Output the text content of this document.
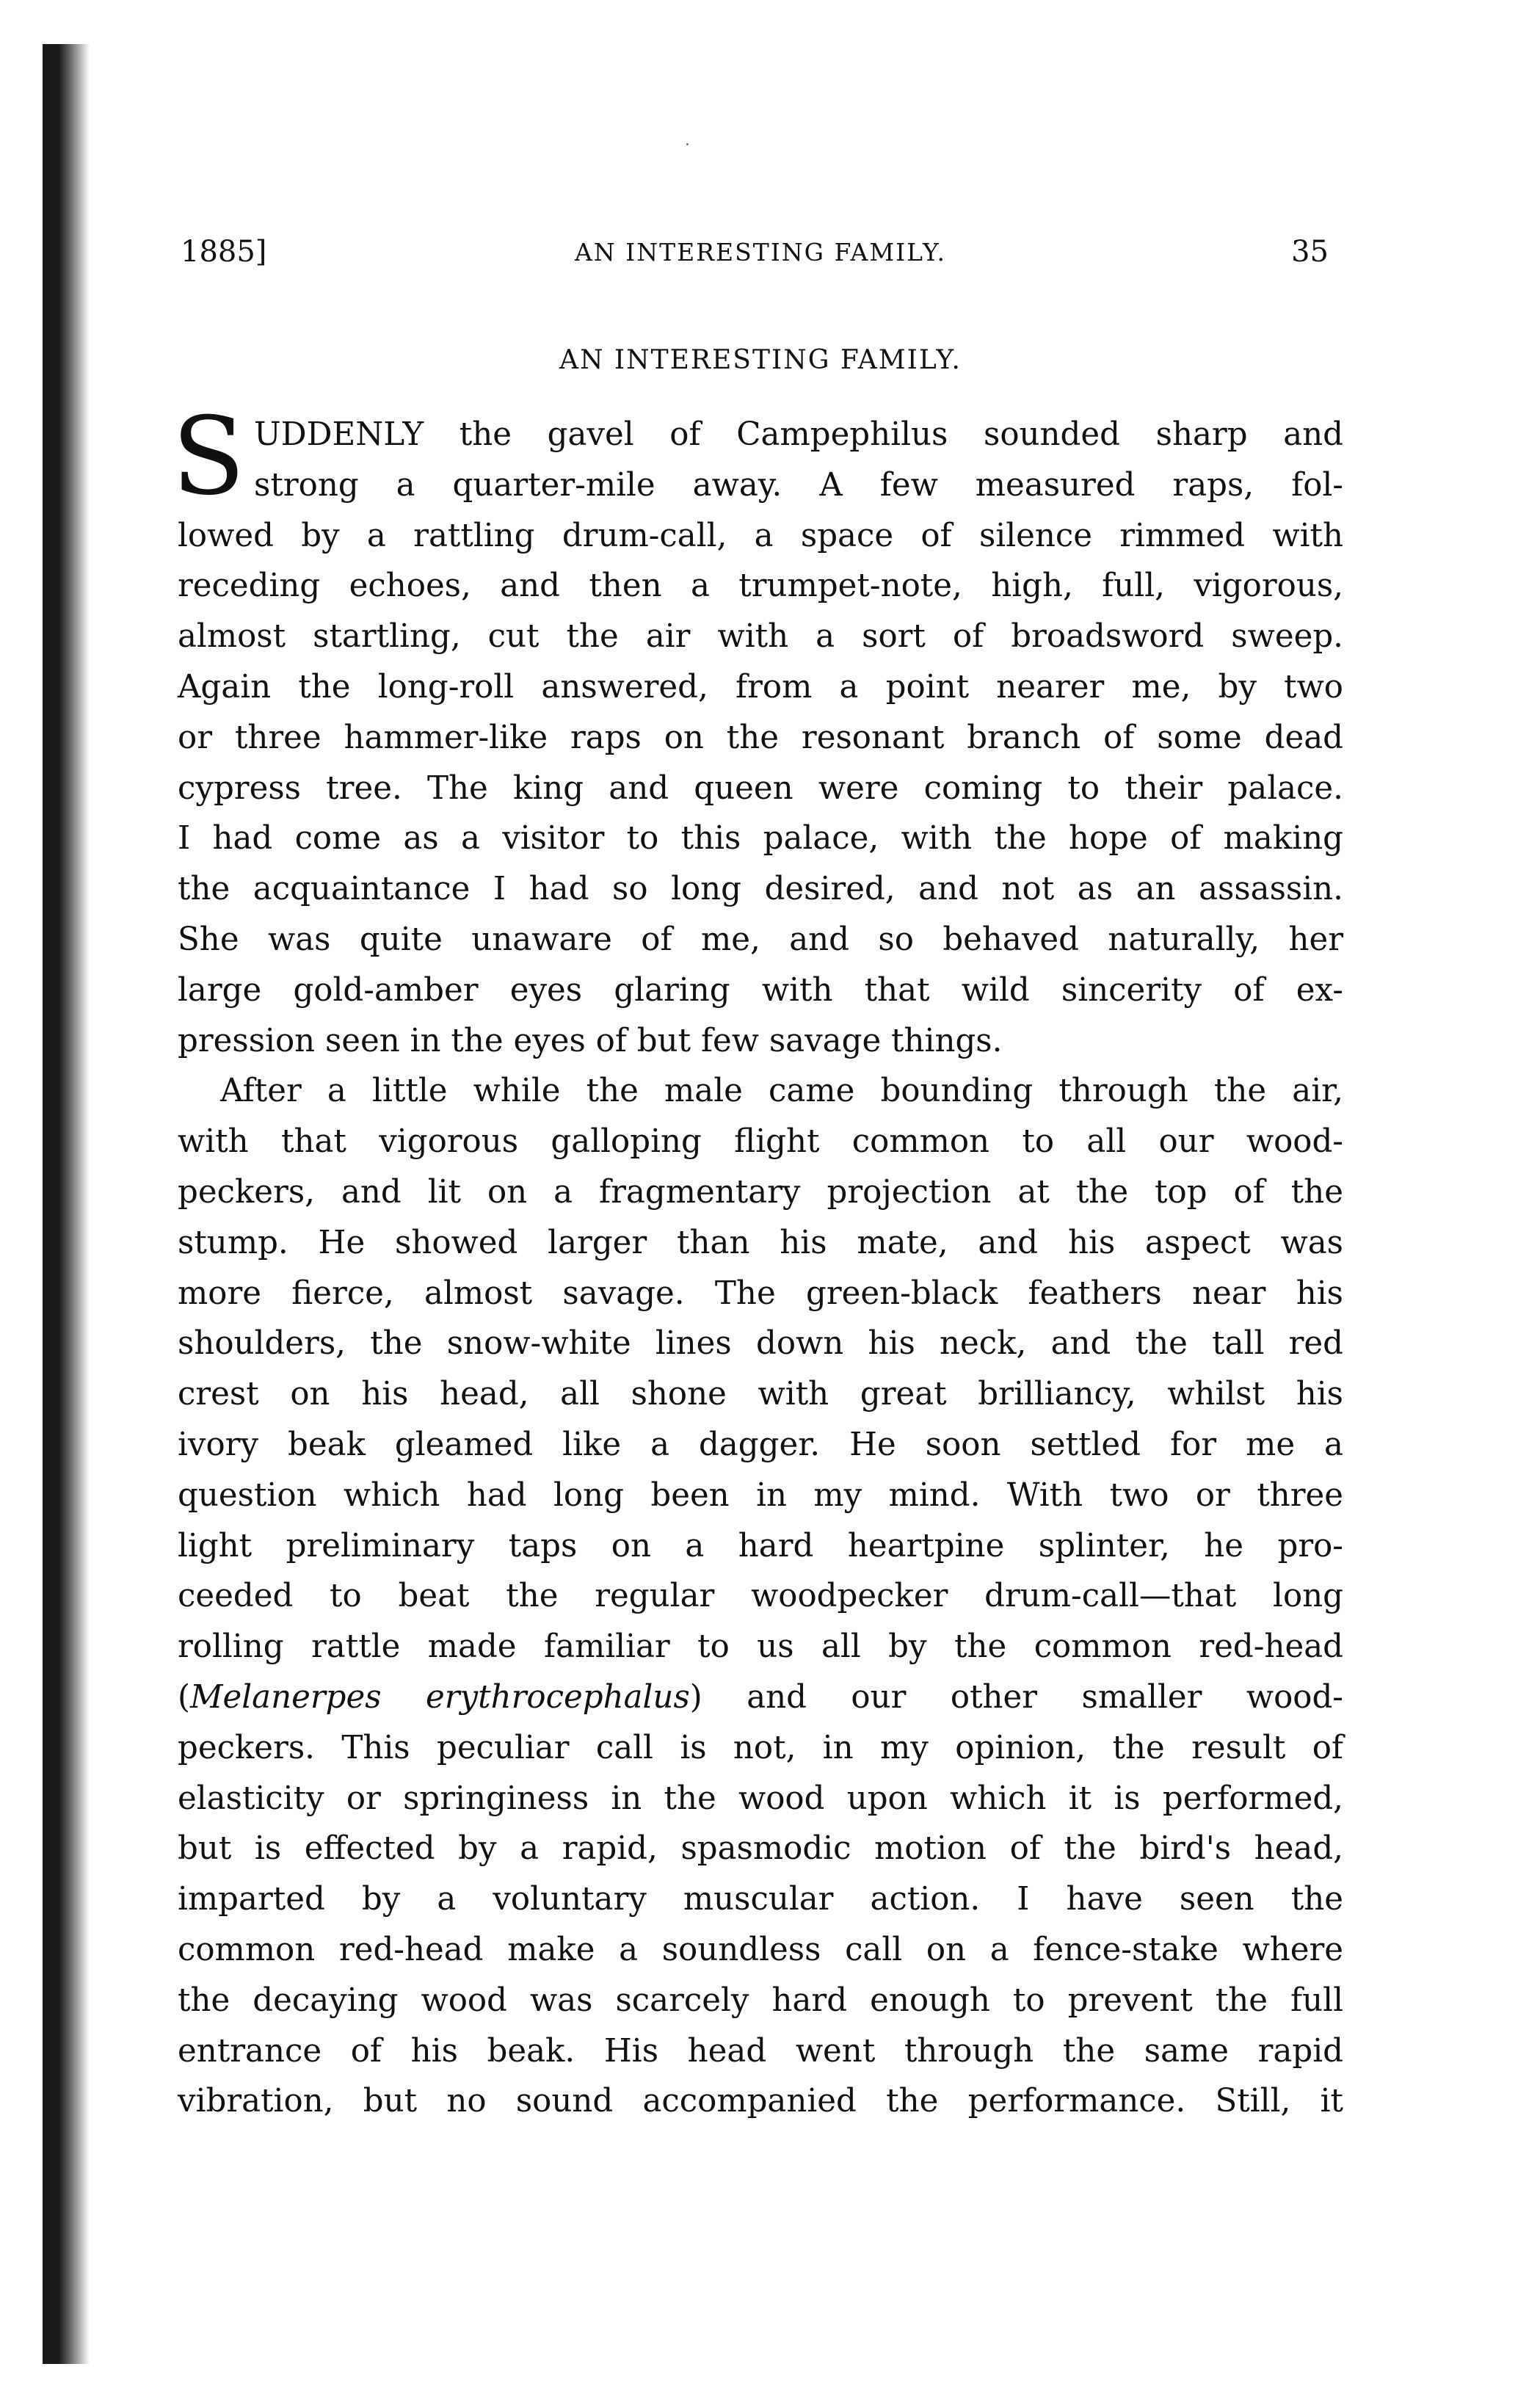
1885]	AN INTERESTING FAMILY.	35
AN INTERESTING FAMILY.
S UDDENLY the gavel of Campephilus sounded sharp and
strong a quarter-mile away. A few measured raps, fol-
lowed by a rattling drum-call, a space of silence rimmed with
receding echoes, and then a trumpet-note, high, full, vigorous,
almost startling, cut the air with a sort of broadsword sweep.
Again the long-roll answered, from a point nearer me, by two
or three hammer-like raps on the resonant branch of some dead
cypress tree. The king and queen were coming to their palace.
I had come as a visitor to this palace, with the hope of making
the acquaintance I had so long desired, and not as an assassin.
She was quite unaware of me, and so behaved naturally, her
large gold-amber eyes glaring with that wild sincerity of ex-
pression seen in the eyes of but few savage things.
After a little while the male came bounding through the air,
with that vigorous galloping flight common to all our wood-
peckers, and lit on a fragmentary projection at the top of the
stump. He showed larger than his mate, and his aspect was
more fierce, almost savage. The green-black feathers near his
shoulders, the snow-white lines down his neck, and the tall red
crest on his head, all shone with great brilliancy, whilst his
ivory beak gleamed like a dagger. He soon settled for me a
question which had long been in my mind. With two or three
light preliminary taps on a hard heartpine splinter, he pro-
ceeded to beat the regular woodpecker drum-call—that long
rolling rattle made familiar to us all by the common red-head
(Melanerpes erythrocephalus) and our other smaller wood-
peckers. This peculiar call is not, in my opinion, the result of
elasticity or springiness in the wood upon which it is performed,
but is effected by a rapid, spasmodic motion of the bird's head,
imparted by a voluntary muscular action. I have seen the
common red-head make a soundless call on a fence-stake where
the decaying wood was scarcely hard enough to prevent the full
entrance of his beak. His head went through the same rapid
vibration, but no sound accompanied the performance. Still, it
